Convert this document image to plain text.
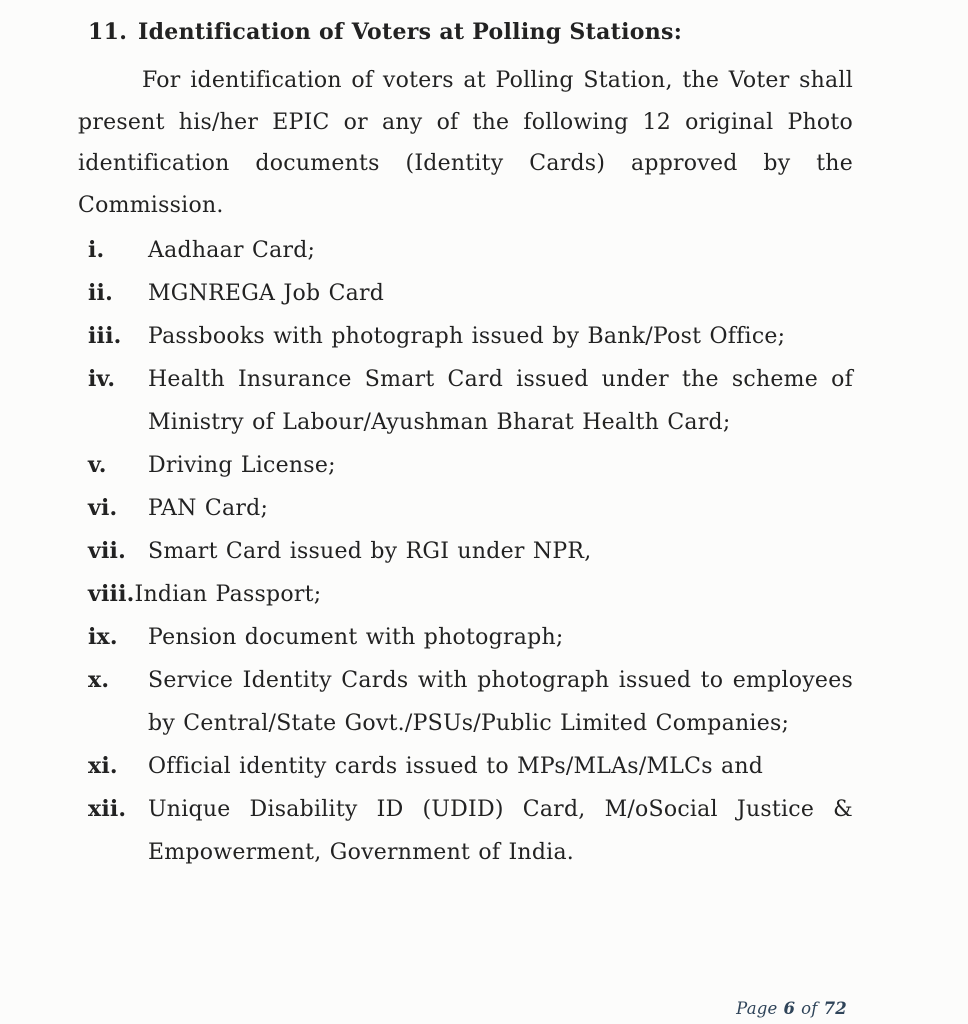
11. Identification of Voters at Polling Stations:

For identification of voters at Polling Station, the Voter shall present his/her EPIC or any of the following 12 original Photo identification documents (Identity Cards) approved by the Commission.

i.	Aadhaar Card;
ii.	MGNREGA Job Card
iii.	Passbooks with photograph issued by Bank/Post Office;
iv.	Health Insurance Smart Card issued under the scheme of Ministry of Labour/Ayushman Bharat Health Card;
v.	Driving License;
vi.	PAN Card;
vii.	Smart Card issued by RGI under NPR,
viii. Indian Passport;
ix.	Pension document with photograph;
x.	Service Identity Cards with photograph issued to employees by Central/State Govt./PSUs/Public Limited Companies;
xi.	Official identity cards issued to MPs/MLAs/MLCs and
xii. Unique Disability ID (UDID) Card, M/oSocial Justice & Empowerment, Government of India.
Page 6 of 72
